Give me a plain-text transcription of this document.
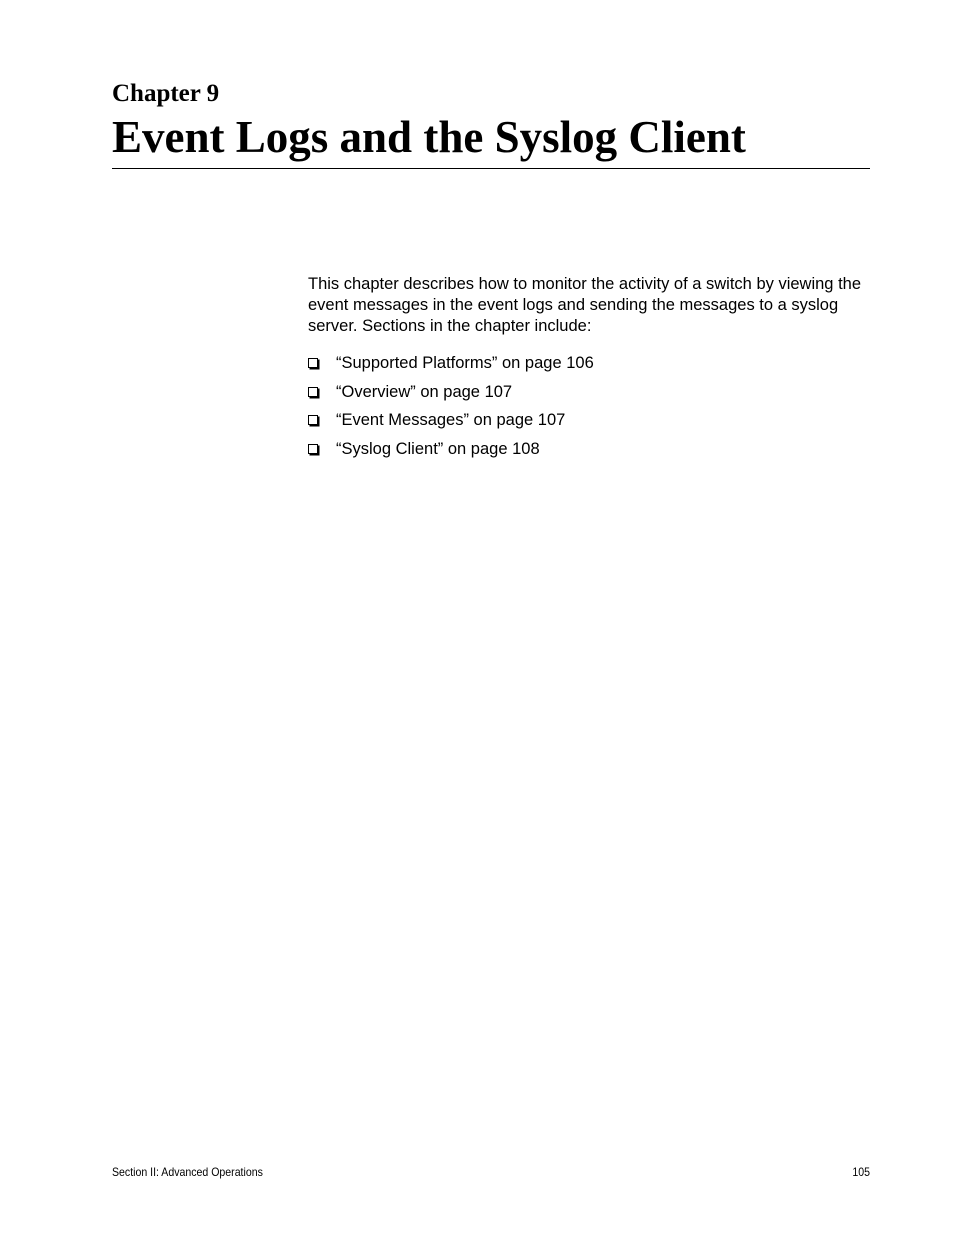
Chapter 9
Event Logs and the Syslog Client

This chapter describes how to monitor the activity of a switch by viewing the event messages in the event logs and sending the messages to a syslog server. Sections in the chapter include:

“Supported Platforms” on page 106
“Overview” on page 107
“Event Messages” on page 107
“Syslog Client” on page 108
Section II: Advanced Operations	105
